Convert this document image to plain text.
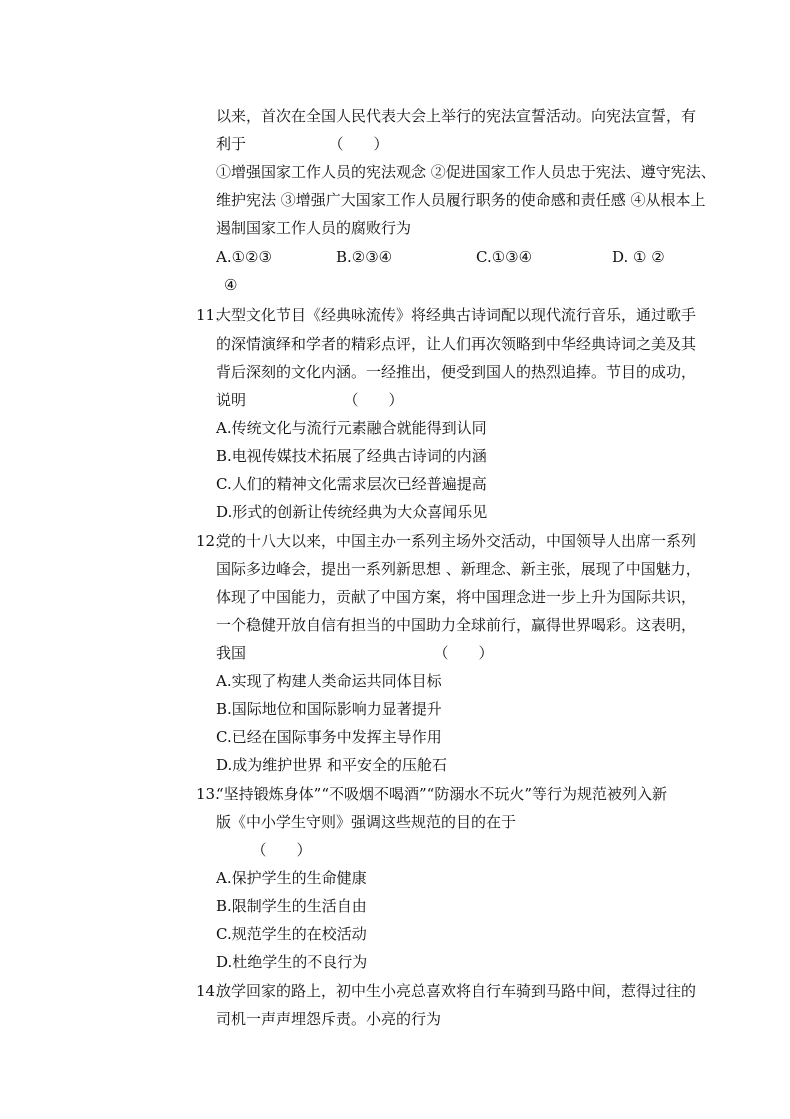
以来，首次在全国人民代表大会上举行的宪法宣誓活动。向宪法宣誓，有
利于　　　　　　（　　）
①增强国家工作人员的宪法观念 ②促进国家工作人员忠于宪法、遵守宪法、
维护宪法 ③增强广大国家工作人员履行职务的使命感和责任感 ④从根本上
遏制国家工作人员的腐败行为
A.①②③	B.②③④	C.①③④	D. ① ②
④
11.
大型文化节目《经典咏流传》将经典古诗词配以现代流行音乐，通过歌手
的深情演绎和学者的精彩点评，让人们再次领略到中华经典诗词之美及其
背后深刻的文化内涵。一经推出，便受到国人的热烈追捧。节目的成功，
说明　　　　　　　（　　）
A.传统文化与流行元素融合就能得到认同
B.电视传媒技术拓展了经典古诗词的内涵
C.人们的精神文化需求层次已经普遍提高
D.形式的创新让传统经典为大众喜闻乐见
12.
党的十八大以来，中国主办一系列主场外交活动，中国领导人出席一系列
国际多边峰会，提出一系列新思想 、新理念、新主张，展现了中国魅力，
体现了中国能力，贡献了中国方案，将中国理念进一步上升为国际共识，
一个稳健开放自信有担当的中国助力全球前行，赢得世界喝彩。这表明，
我国　　　　　　　　　　　　　（　　）
A.实现了构建人类命运共同体目标
B.国际地位和国际影响力显著提升
C.已经在国际事务中发挥主导作用
D.成为维护世界 和平安全的压舱石
13.
“坚持锻炼身体”“不吸烟不喝酒”“防溺水不玩火”等行为规范被列入新
版《中小学生守则》强调这些规范的目的在于
　（　　）
A.保护学生的生命健康
B.限制学生的生活自由
C.规范学生的在校活动
D.杜绝学生的不良行为
14.
放学回家的路上，初中生小亮总喜欢将自行车骑到马路中间，惹得过往的
司机一声声埋怨斥责。小亮的行为
